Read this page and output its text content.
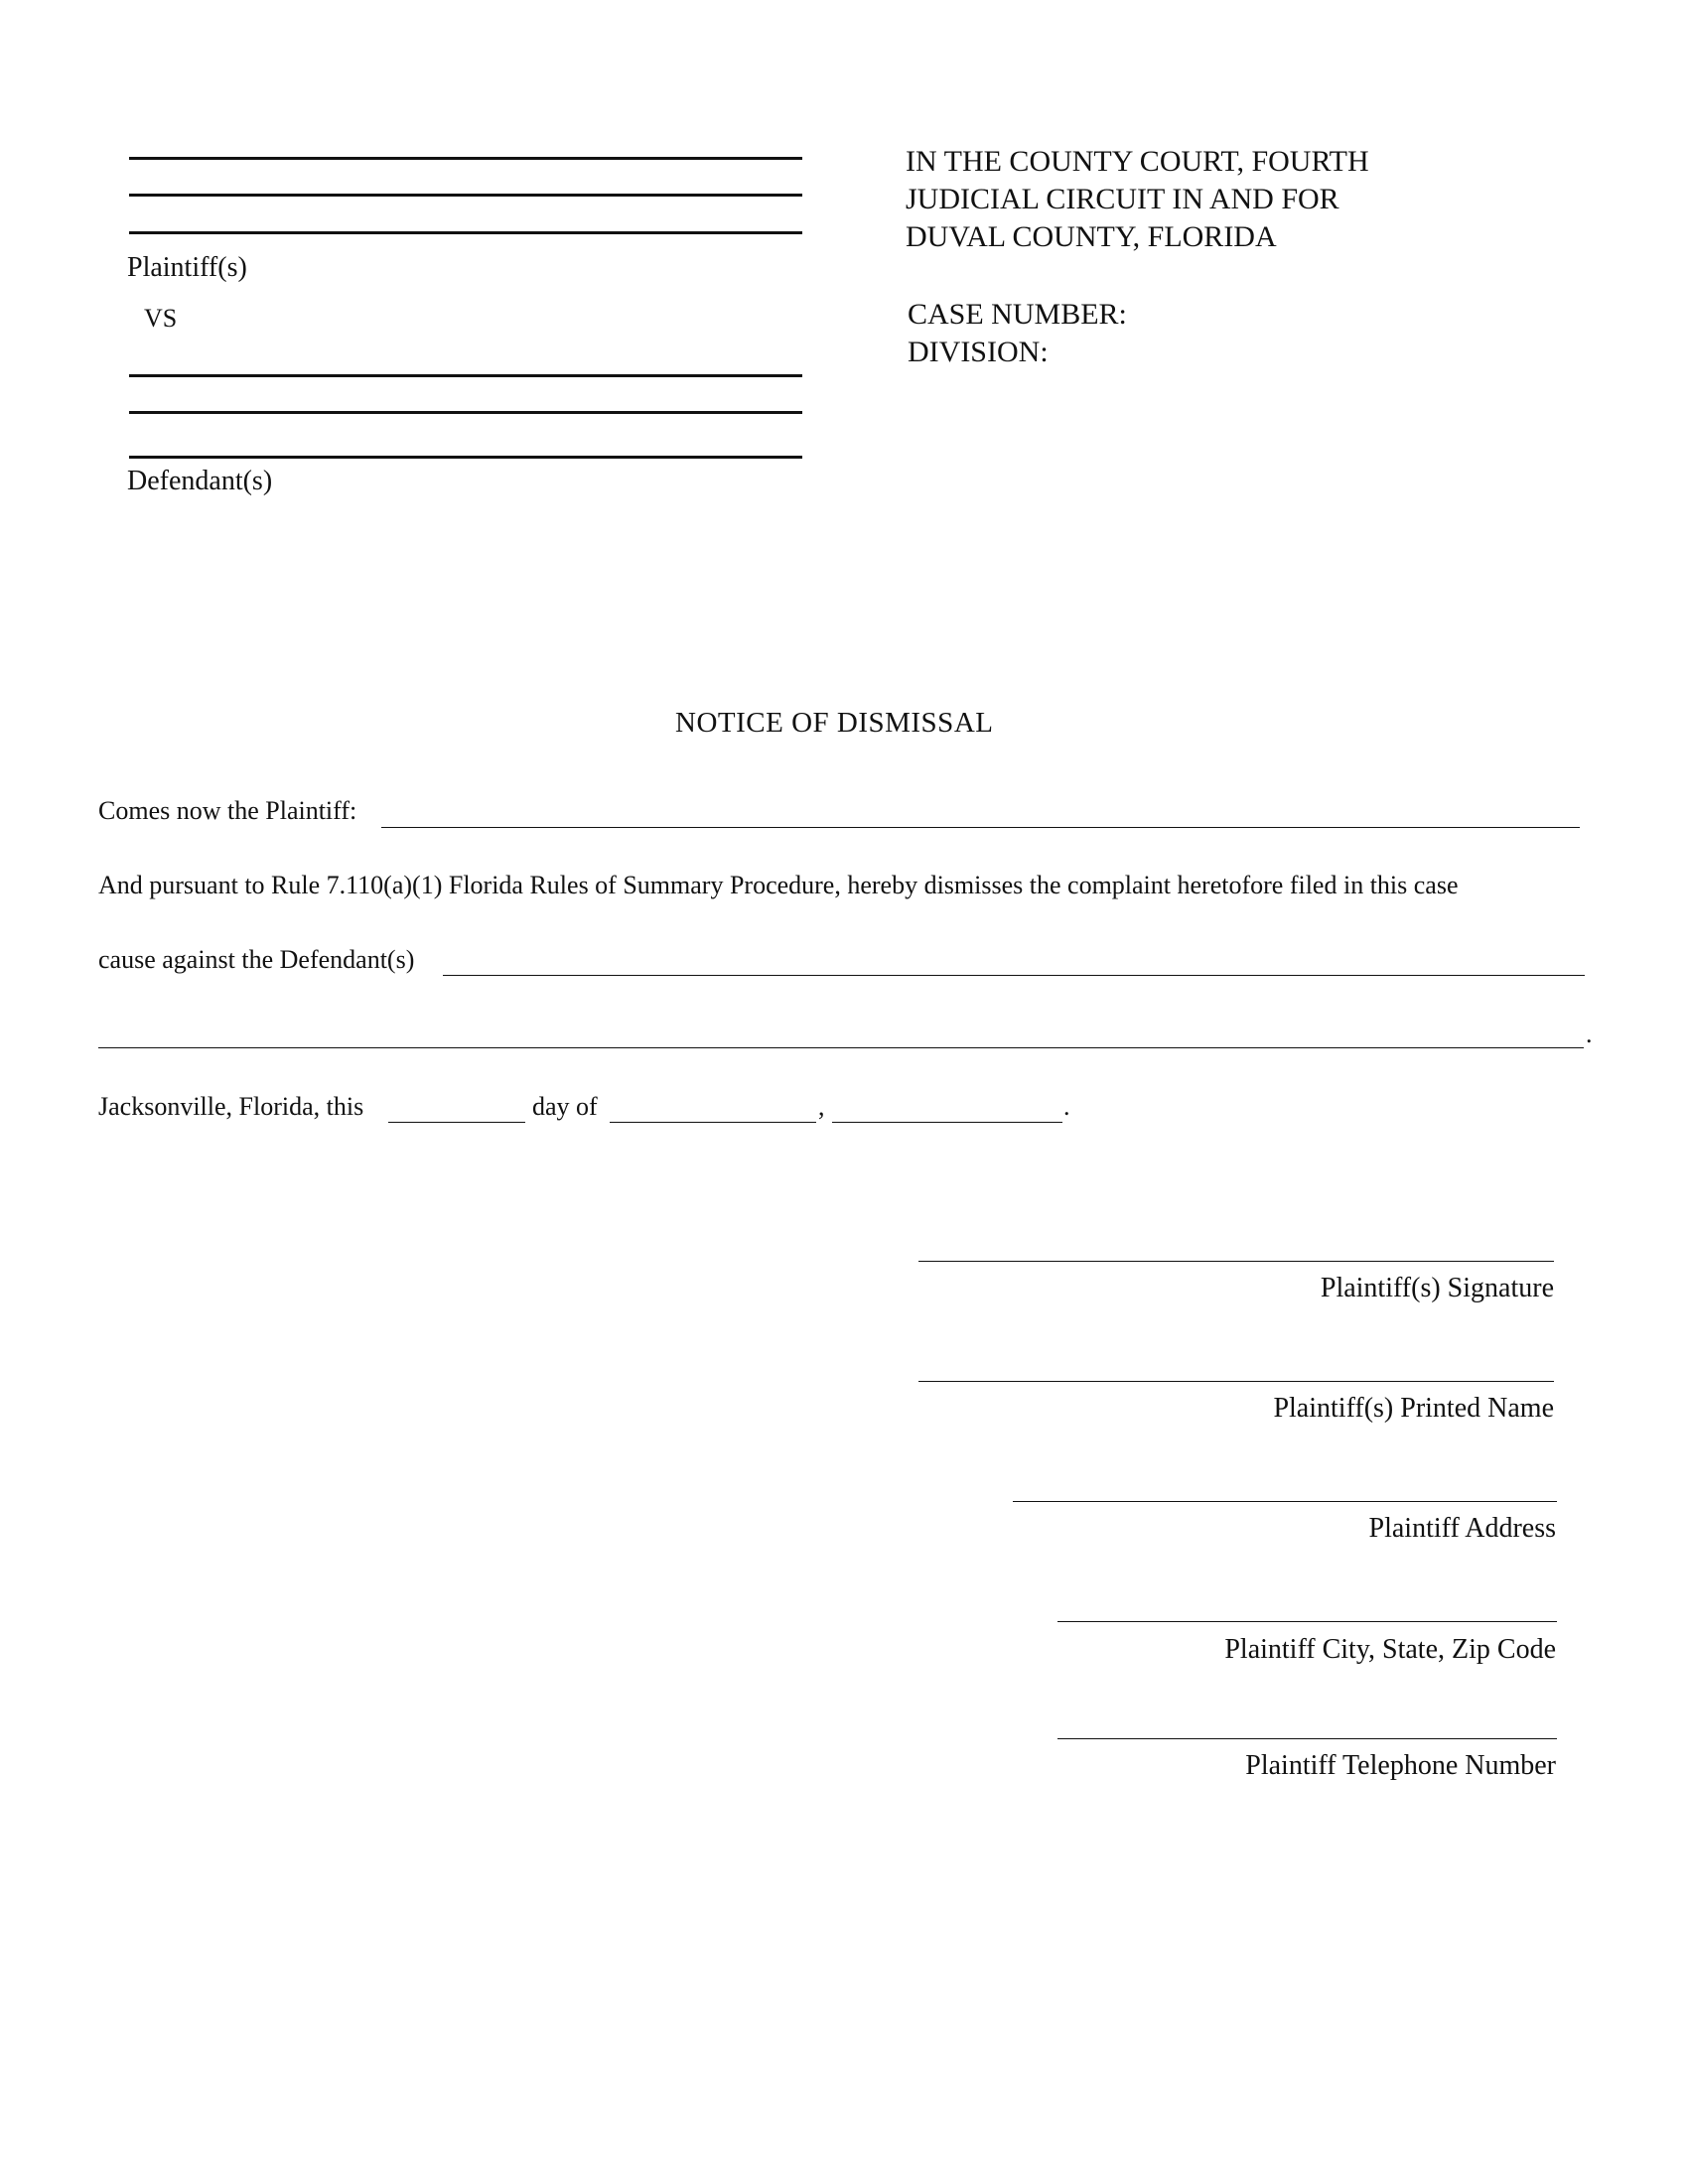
Plaintiff(s)
VS
Defendant(s)
IN THE COUNTY COURT, FOURTH
JUDICIAL CIRCUIT IN AND FOR
DUVAL COUNTY, FLORIDA
CASE NUMBER:
DIVISION:
NOTICE OF DISMISSAL
Comes now the Plaintiff:
And pursuant to Rule 7.110(a)(1) Florida Rules of Summary Procedure, hereby dismisses the complaint heretofore filed in this case
cause against the Defendant(s)
.
Jacksonville, Florida, this	day of	,	.
Plaintiff(s) Signature
Plaintiff(s) Printed Name
Plaintiff Address
Plaintiff City, State, Zip Code
Plaintiff Telephone Number
